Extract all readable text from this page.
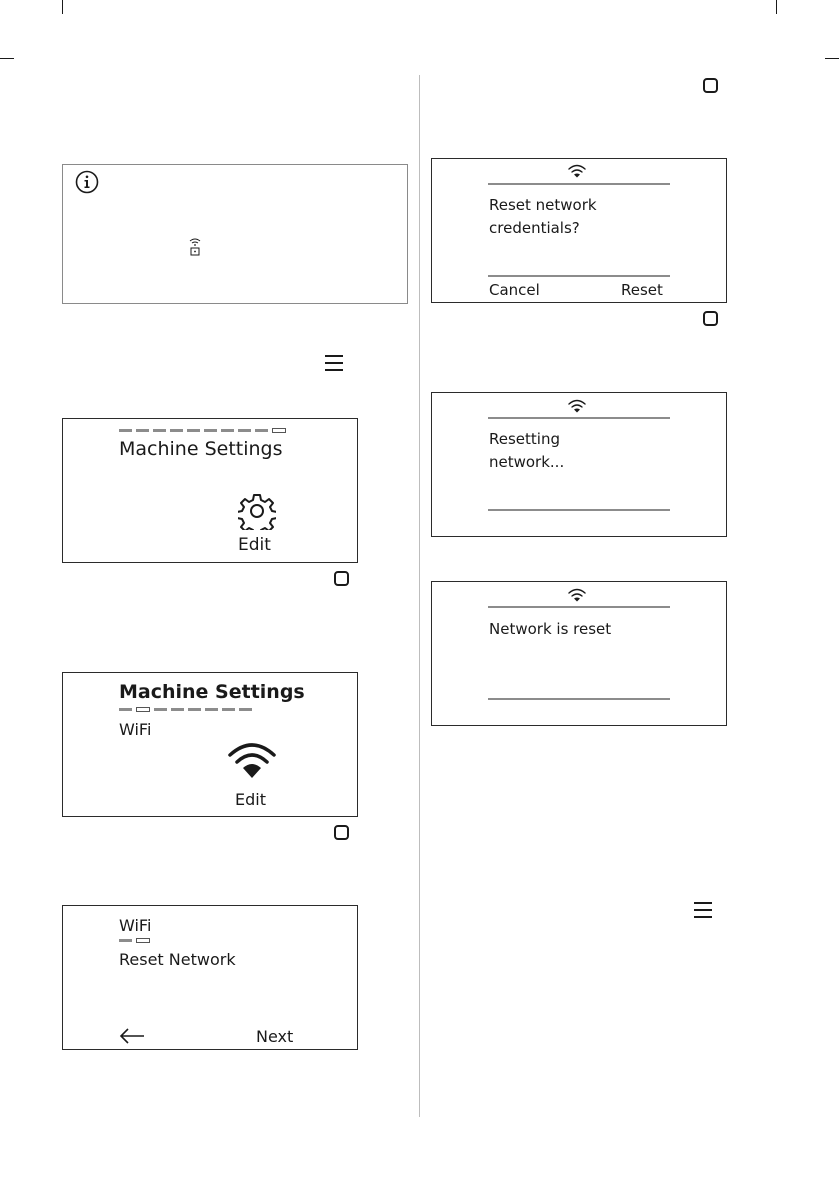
Machine Settings
Edit
Machine Settings
WiFi
Edit
WiFi
Reset Network
Next
Reset network
credentials?
Cancel	Reset
Resetting
network...
Network is reset
